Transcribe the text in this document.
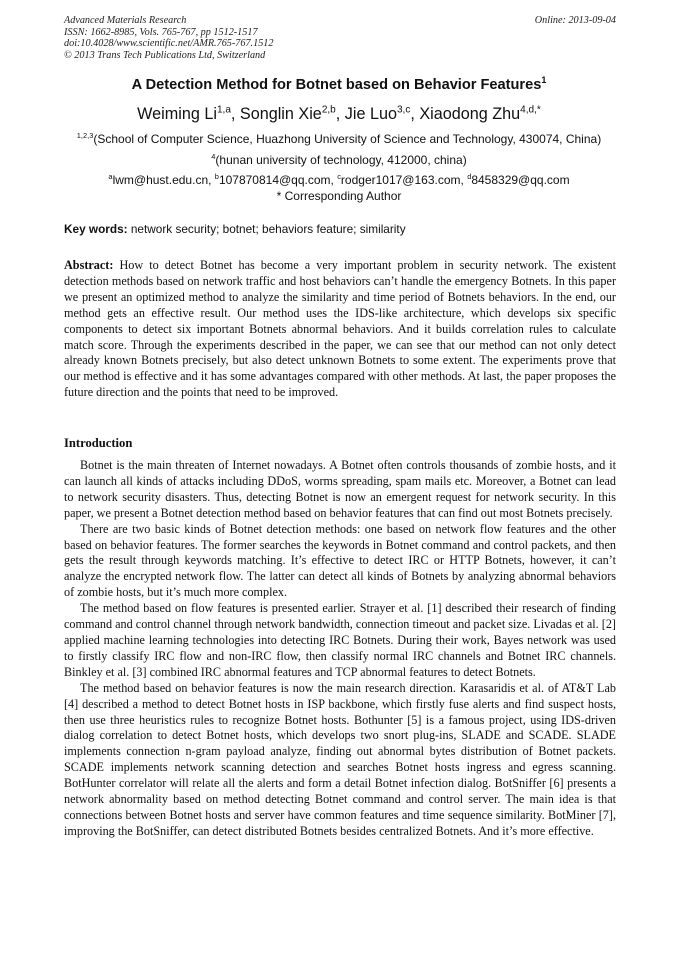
Advanced Materials Research
ISSN: 1662-8985, Vols. 765-767, pp 1512-1517
doi:10.4028/www.scientific.net/AMR.765-767.1512
© 2013 Trans Tech Publications Ltd, Switzerland
Online: 2013-09-04
A Detection Method for Botnet based on Behavior Features$^1$
Weiming Li$^{1,a}$, Songlin Xie$^{2,b}$, Jie Luo$^{3,c}$, Xiaodong Zhu$^{4,d,*}$
$^{1,2,3}$(School of Computer Science, Huazhong University of Science and Technology, 430074, China)
$^4$(hunan university of technology, 412000, china)
$^a$lwm@hust.edu.cn, $^b$107870814@qq.com, $^c$rodger1017@163.com, $^d$8458329@qq.com
* Corresponding Author
Key words: network security; botnet; behaviors feature; similarity

Abstract: How to detect Botnet has become a very important problem in security network. The existent detection methods based on network traffic and host behaviors can’t handle the emergency Botnets. In this paper we present an optimized method to analyze the similarity and time period of Botnets behaviors. In the end, our method gets an effective result. Our method uses the IDS-like architecture, which develops six specific components to detect six important Botnets abnormal behaviors. And it builds correlation rules to calculate match score. Through the experiments described in the paper, we can see that our method can not only detect already known Botnets precisely, but also detect unknown Botnets to some extent. The experiments prove that our method is effective and it has some advantages compared with other methods. At last, the paper proposes the future direction and the points that need to be improved.

Introduction

Botnet is the main threaten of Internet nowadays. A Botnet often controls thousands of zombie hosts, and it can launch all kinds of attacks including DDoS, worms spreading, spam mails etc. Moreover, a Botnet can lead to network security disasters. Thus, detecting Botnet is now an emergent request for network security. In this paper, we present a Botnet detection method based on behavior features that can find out most Botnets precisely.

There are two basic kinds of Botnet detection methods: one based on network flow features and the other based on behavior features. The former searches the keywords in Botnet command and control packets, and then gets the result through keywords matching. It’s effective to detect IRC or HTTP Botnets, however, it can’t analyze the encrypted network flow. The latter can detect all kinds of Botnets by analyzing abnormal behaviors of zombie hosts, but it’s much more complex.

The method based on flow features is presented earlier. Strayer et al. [1] described their research of finding command and control channel through network bandwidth, connection timeout and packet size. Livadas et al. [2] applied machine learning technologies into detecting IRC Botnets. During their work, Bayes network was used to firstly classify IRC flow and non-IRC flow, then classify normal IRC channels and Botnet IRC channels. Binkley et al. [3] combined IRC abnormal features and TCP abnormal features to detect Botnets.

The method based on behavior features is now the main research direction. Karasaridis et al. of AT&T Lab [4] described a method to detect Botnet hosts in ISP backbone, which firstly fuse alerts and find suspect hosts, then use three heuristics rules to recognize Botnet hosts. Bothunter [5] is a famous project, using IDS-driven dialog correlation to detect Botnet hosts, which develops two snort plug-ins, SLADE and SCADE. SLADE implements connection n-gram payload analyze, finding out abnormal bytes distribution of Botnet packets. SCADE implements network scanning detection and searches Botnet hosts ingress and egress scanning. BotHunter correlator will relate all the alerts and form a detail Botnet infection dialog. BotSniffer [6] presents a network abnormality based on method detecting Botnet command and control server. The main idea is that connections between Botnet hosts and server have common features and time sequence similarity. BotMiner [7], improving the BotSniffer, can detect distributed Botnets besides centralized Botnets. And it’s more effective.
